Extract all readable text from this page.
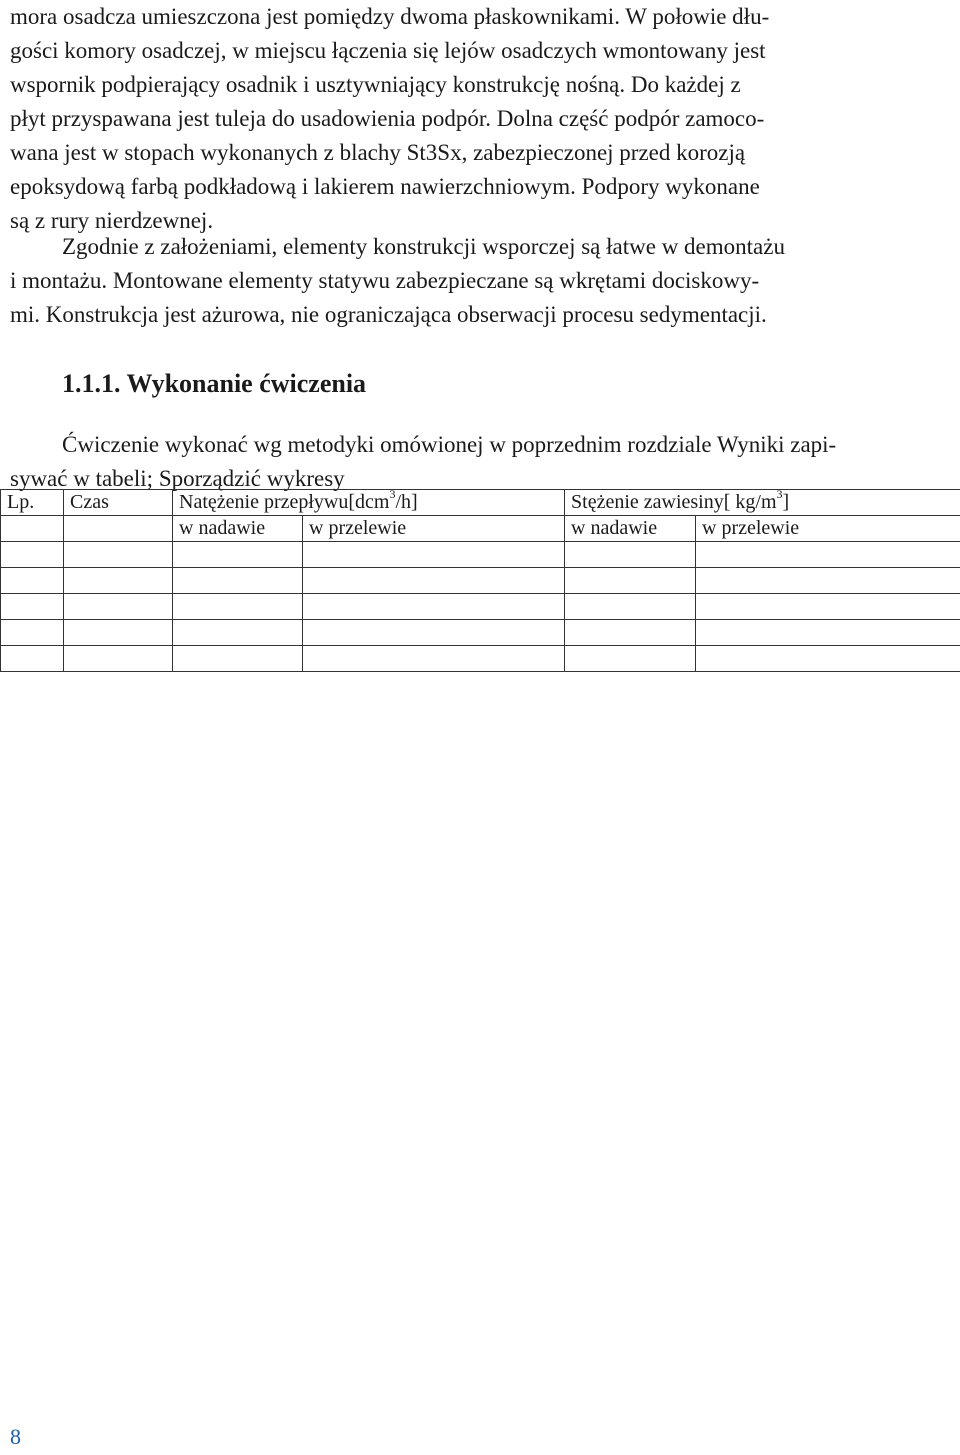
mora osadcza umieszczona jest pomiędzy dwoma płaskownikami. W połowie dłu-
gości komory osadczej, w miejscu łączenia się lejów osadczych wmontowany jest
wspornik podpierający osadnik i usztywniający konstrukcję nośną. Do każdej z
płyt przyspawana jest tuleja do usadowienia podpór. Dolna część podpór zamoco-
wana jest w stopach wykonanych z blachy St3Sx, zabezpieczonej przed korozją
epoksydową farbą podkładową i lakierem nawierzchniowym. Podpory wykonane
są z rury nierdzewnej.
Zgodnie z założeniami, elementy konstrukcji wsporczej są łatwe w demontażu
i montażu. Montowane elementy statywu zabezpieczane są wkrętami dociskowy-
mi. Konstrukcja jest ażurowa, nie ograniczająca obserwacji procesu sedymentacji.
1.1.1. Wykonanie ćwiczenia
Ćwiczenie wykonać wg metodyki omówionej w poprzednim rozdziale Wyniki zapi-
sywać w tabeli; Sporządzić wykresy
Lp.	Czas	Natężenie przepływu[dcm$^3$/h]		Stężenie zawiesiny[ $kg/m^3$]	
		w nadawie	w przelewie	w nadawie	w przelewie

8
